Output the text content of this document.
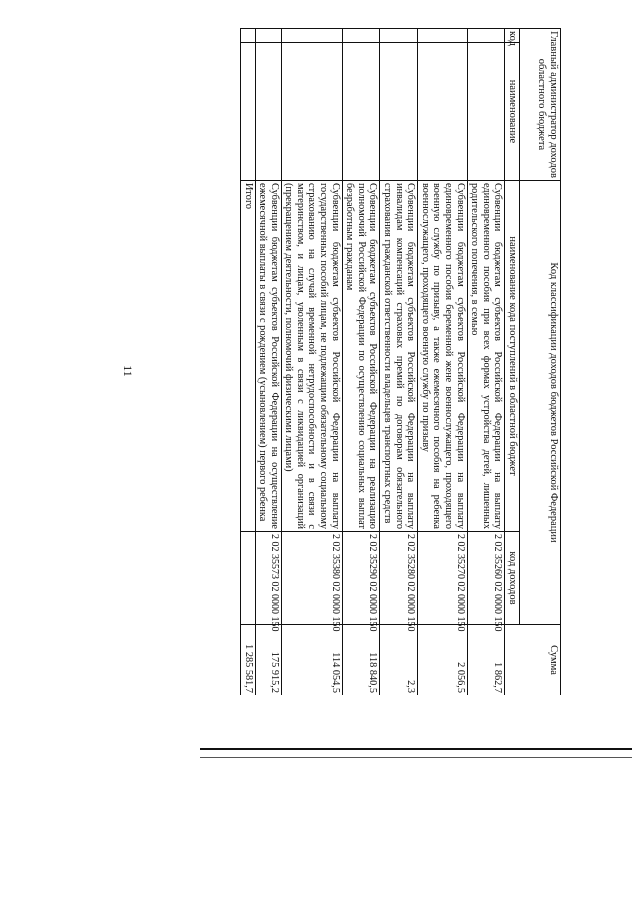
11
Главный администратор доходов областного бюджета		Код классификации доходов бюджетов Российской Федерации		Сумма
код	наименование	наименование кода поступлений в областной бюджет	код доходов	
		Субвенции бюджетам субъектов Российской Федерации на выплату единовременного пособия при всех формах устройства детей, лишенных родительского попечения, в семью	2 02 35260 02 0000 150	1 862,7
		Субвенции бюджетам субъектов Российской Федерации на выплату единовременного пособия беременной жене военнослужащего, проходящего военную службу по призыву, а также ежемесячного пособия на ребенка военнослужащего, проходящего военную службу по призыву	2 02 35270 02 0000 150	2 056,5
		Субвенции бюджетам субъектов Российской Федерации на выплату инвалидам компенсаций страховых премий по договорам обязательного страхования гражданской ответственности владельцев транспортных средств	2 02 35280 02 0000 150	2,3
		Субвенции бюджетам субъектов Российской Федерации на реализацию полномочий Российской Федерации по осуществлению социальных выплат безработным гражданам	2 02 35290 02 0000 150	118 840,5
		Субвенции бюджетам субъектов Российской Федерации на выплату государственных пособий лицам, не подлежащим обязательному социальному страхованию на случай временной нетрудоспособности и в связи с материнством, и лицам, уволенным в связи с ликвидацией организаций (прекращением деятельности, полномочий физическими лицами)	2 02 35380 02 0000 150	114 054,5
		Субвенции бюджетам субъектов Российской Федерации на осуществление ежемесячной выплаты в связи с рождением (усыновлением) первого ребенка	2 02 35573 02 0000 150	175 915,2
		Итого		1 285 581,7
